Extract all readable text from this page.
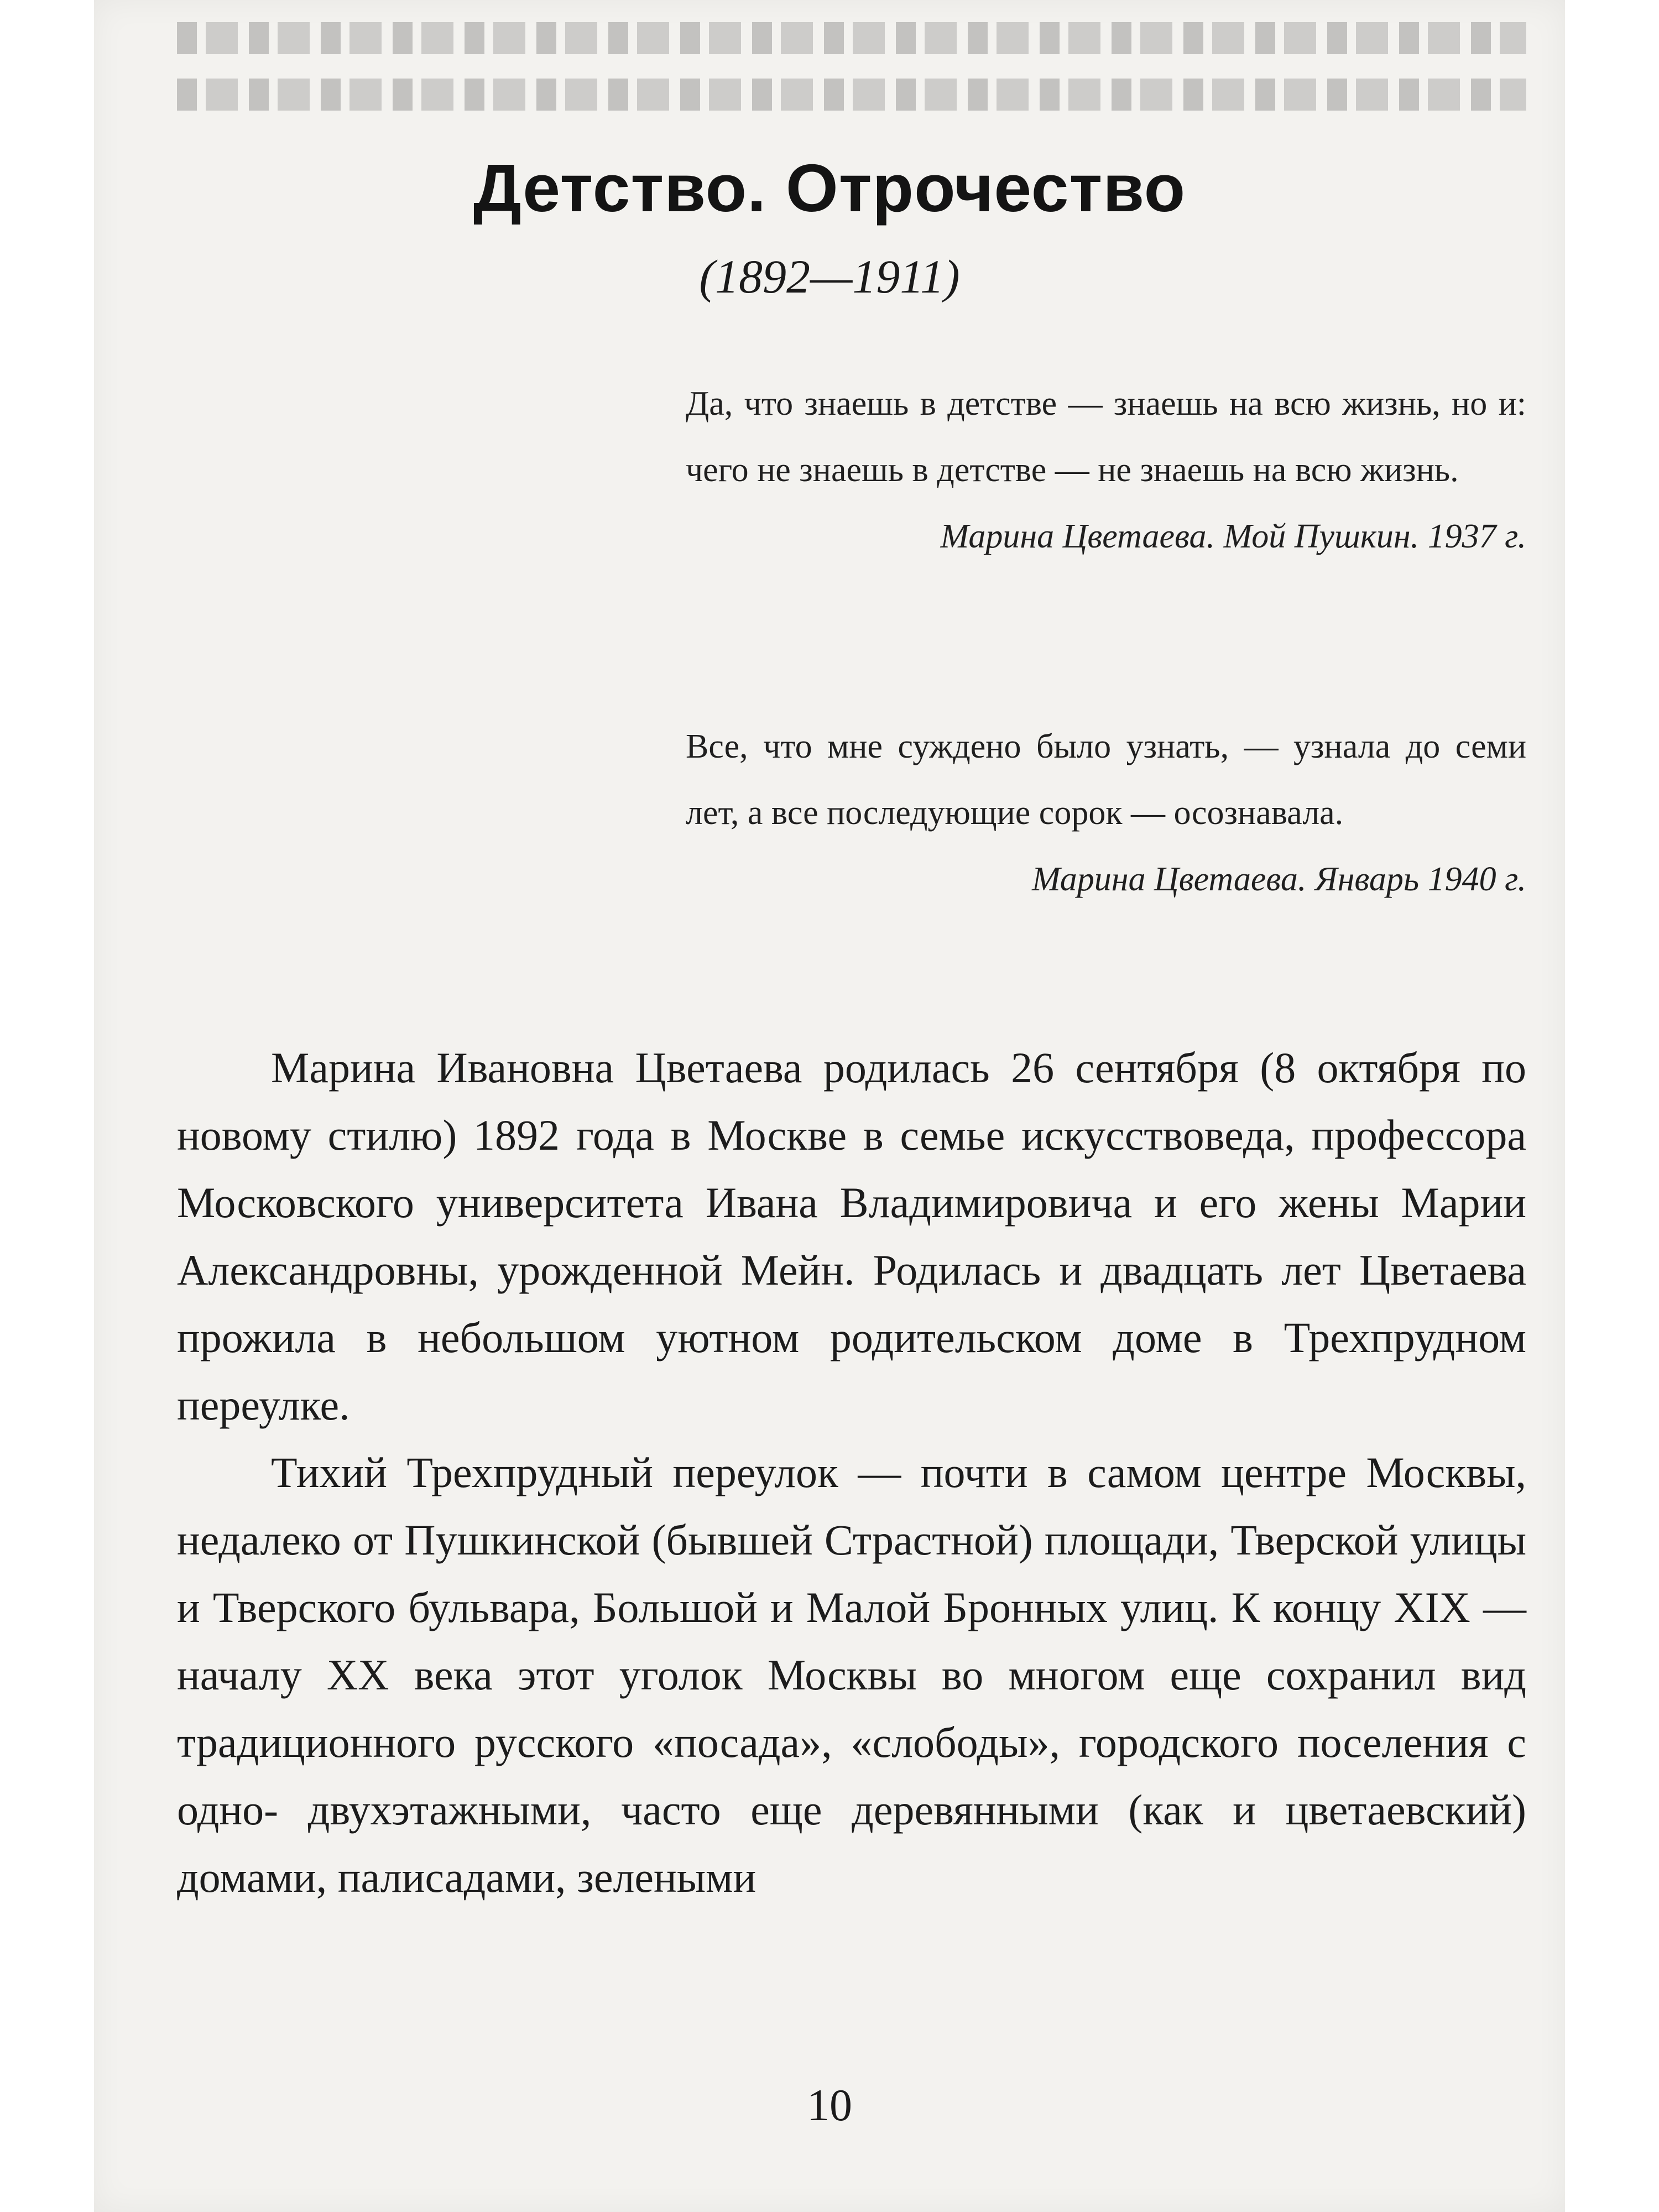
Детство. Отрочество
(1892—1911)

Да, что знаешь в детстве — знаешь на всю жизнь, но и: чего не знаешь в детстве — не знаешь на всю жизнь.

Марина Цветаева. Мой Пушкин. 1937 г.

Все, что мне суждено было узнать, — узнала до семи лет, а все последующие сорок — осознавала.

Марина Цветаева. Январь 1940 г.

Марина Ивановна Цветаева родилась 26 сентября (8 октября по новому стилю) 1892 года в Москве в семье искусствоведа, профессора Московского университета Ивана Владимировича и его жены Марии Александровны, урожденной Мейн. Родилась и двадцать лет Цветаева прожила в небольшом уютном родительском доме в Трехпрудном переулке.

Тихий Трехпрудный переулок — почти в самом центре Москвы, недалеко от Пушкинской (бывшей Страстной) площади, Тверской улицы и Тверского бульвара, Большой и Малой Бронных улиц. К концу XIX — началу XX века этот уголок Москвы во многом еще сохранил вид традиционного русского «посада», «слободы», городского поселения с одно- двухэтажными, часто еще деревянными (как и цветаевский) домами, палисадами, зелеными

10
